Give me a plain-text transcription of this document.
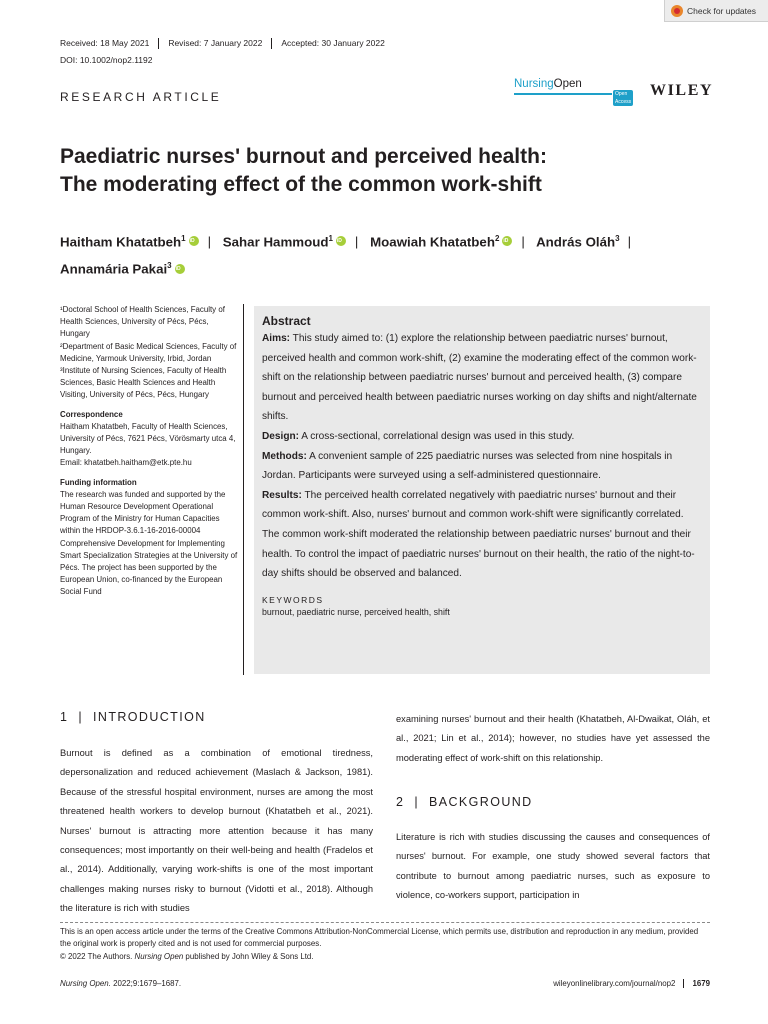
Check for updates
Received: 18 May 2021	Revised: 7 January 2022	Accepted: 30 January 2022
DOI: 10.1002/nop2.1192
RESEARCH ARTICLE
NursingOpen
Open Access
WILEY
Paediatric nurses' burnout and perceived health:
The moderating effect of the common work-shift
Haitham Khatatbeh$^1$ iD | Sahar Hammoud$^1$ iD | Moawiah Khatatbeh$^2$ iD | András Oláh$^3$ |
Annamária Pakai$^3$iD
¹Doctoral School of Health Sciences, Faculty of Health Sciences, University of Pécs, Pécs, Hungary
²Department of Basic Medical Sciences, Faculty of Medicine, Yarmouk University, Irbid, Jordan
³Institute of Nursing Sciences, Faculty of Health Sciences, Basic Health Sciences and Health Visiting, University of Pécs, Pécs, Hungary
Correspondence
Haitham Khatatbeh, Faculty of Health Sciences, University of Pécs, 7621 Pécs, Vörösmarty utca 4, Hungary.
Email: khatatbeh.haitham@etk.pte.hu
Funding information
The research was funded and supported by the Human Resource Development Operational Program of the Ministry for Human Capacities within the HRDOP-3.6.1-16-2016-00004 Comprehensive Development for Implementing Smart Specialization Strategies at the University of Pécs. The project has been supported by the European Union, co-financed by the European Social Fund
Abstract

Aims: This study aimed to: (1) explore the relationship between paediatric nurses' burnout, perceived health and common work-shift, (2) examine the moderating effect of the common work-shift on the relationship between paediatric nurses' burnout and perceived health, (3) compare burnout and perceived health between paediatric nurses working on day shifts and night/alternate shifts.

Design: A cross-sectional, correlational design was used in this study.

Methods: A convenient sample of 225 paediatric nurses was selected from nine hospitals in Jordan. Participants were surveyed using a self-administered questionnaire.

Results: The perceived health correlated negatively with paediatric nurses' burnout and their common work-shift. Also, nurses' burnout and common work-shift were significantly correlated. The common work-shift moderated the relationship between paediatric nurses' burnout and their health. To control the impact of paediatric nurses' burnout on their health, the ratio of the night-to-day shifts should be observed and balanced.

KEYWORDS
burnout, paediatric nurse, perceived health, shift
1 | INTRODUCTION
Burnout is defined as a combination of emotional tiredness, depersonalization and reduced achievement (Maslach & Jackson, 1981). Because of the stressful hospital environment, nurses are among the most threatened health workers to develop burnout (Khatatbeh et al., 2021). Nurses' burnout is attracting more attention because it has many consequences; most importantly on their well-being and health (Fradelos et al., 2014). Additionally, varying work-shifts is one of the most important challenges making nurses risky to burnout (Vidotti et al., 2018). Although the literature is rich with studies
examining nurses' burnout and their health (Khatatbeh, Al-Dwaikat, Oláh, et al., 2021; Lin et al., 2014); however, no studies have yet assessed the moderating effect of work-shift on this relationship.
2 | BACKGROUND
Literature is rich with studies discussing the causes and consequences of nurses' burnout. For example, one study showed several factors that contribute to burnout among paediatric nurses, such as exposure to violence, co-workers support, participation in
This is an open access article under the terms of the Creative Commons Attribution-NonCommercial License, which permits use, distribution and reproduction in any medium, provided the original work is properly cited and is not used for commercial purposes.
© 2022 The Authors. Nursing Open published by John Wiley & Sons Ltd.
Nursing Open. 2022;9:1679–1687.	wileyonlinelibrary.com/journal/nop2	1679
